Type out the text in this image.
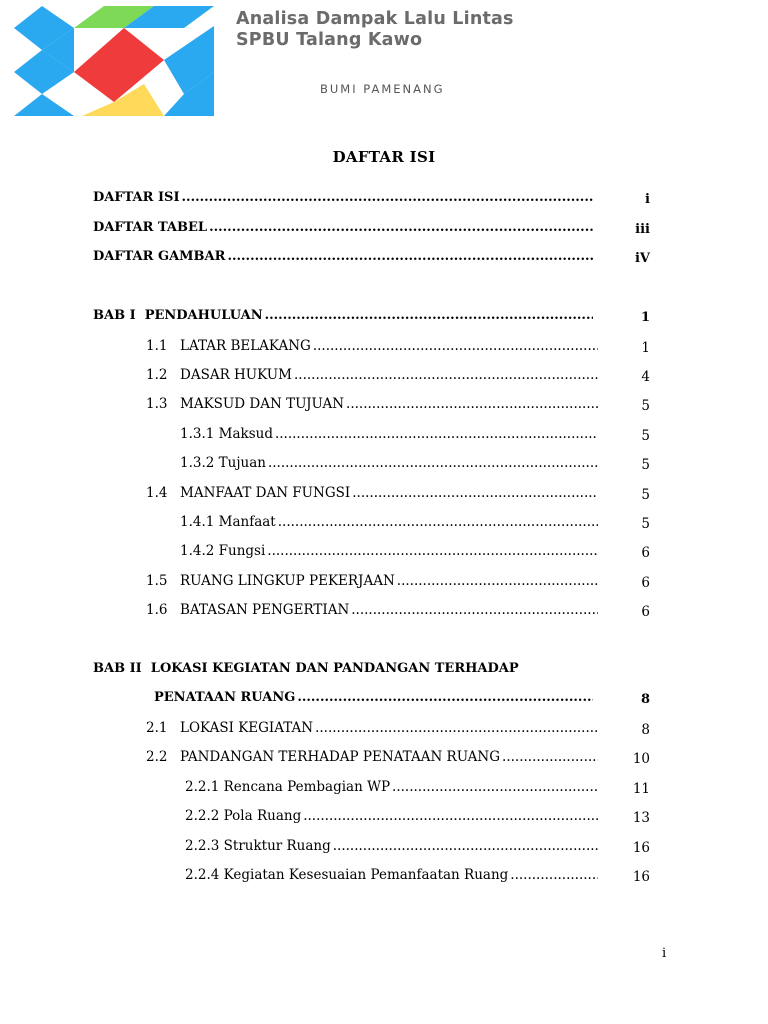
Analisa Dampak Lalu Lintas
SPBU Talang Kawo
BUMI PAMENANG
DAFTAR ISI
DAFTAR ISI .....	i
DAFTAR TABEL .....	iii
DAFTAR GAMBAR .....	iV
BAB I  PENDAHULUAN .....	1
1.1 LATAR BELAKANG .....	1
1.2 DASAR HUKUM .....	4
1.3 MAKSUD DAN TUJUAN .....	5
1.3.1 Maksud .....	5
1.3.2 Tujuan .....	5
1.4 MANFAAT DAN FUNGSI .....	5
1.4.1 Manfaat .....	5
1.4.2 Fungsi .....	6
1.5 RUANG LINGKUP PEKERJAAN .....	6
1.6 BATASAN PENGERTIAN .....	6
BAB II  LOKASI KEGIATAN DAN PANDANGAN TERHADAP
PENATAAN RUANG .....	8
2.1 LOKASI KEGIATAN .....	8
2.2 PANDANGAN TERHADAP PENATAAN RUANG .....	10
2.2.1 Rencana Pembagian WP .....	11
2.2.2 Pola Ruang .....	13
2.2.3 Struktur Ruang .....	16
2.2.4 Kegiatan Kesesuaian Pemanfaatan Ruang .....	16
i
